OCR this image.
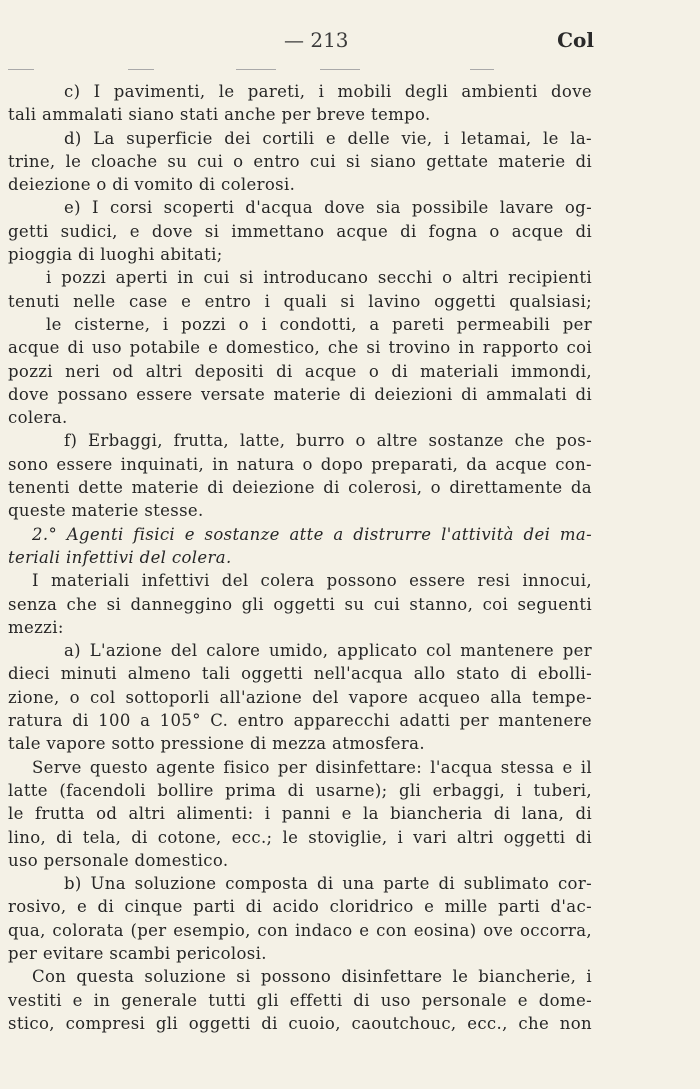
— 213	Col
c) I pavimenti, le pareti, i mobili degli ambienti dove
tali ammalati siano stati anche per breve tempo.
d) La superficie dei cortili e delle vie, i letamai, le la-
trine, le cloache su cui o entro cui si siano gettate materie di
deiezione o di vomito di colerosi.
e) I corsi scoperti d'acqua dove sia possibile lavare og-
getti sudici, e dove si immettano acque di fogna o acque di
pioggia di luoghi abitati;
i pozzi aperti in cui si introducano secchi o altri recipienti
tenuti nelle case e entro i quali si lavino oggetti qualsiasi;
le cisterne, i pozzi o i condotti, a pareti permeabili per
acque di uso potabile e domestico, che si trovino in rapporto coi
pozzi neri od altri depositi di acque o di materiali immondi,
dove possano essere versate materie di deiezioni di ammalati di
colera.
f) Erbaggi, frutta, latte, burro o altre sostanze che pos-
sono essere inquinati, in natura o dopo preparati, da acque con-
tenenti dette materie di deiezione di colerosi, o direttamente da
queste materie stesse.
2.° Agenti fisici e sostanze atte a distrurre l'attività dei ma-
teriali infettivi del colera.
I materiali infettivi del colera possono essere resi innocui,
senza che si danneggino gli oggetti su cui stanno, coi seguenti
mezzi:
a) L'azione del calore umido, applicato col mantenere per
dieci minuti almeno tali oggetti nell'acqua allo stato di ebolli-
zione, o col sottoporli all'azione del vapore acqueo alla tempe-
ratura di 100 a 105° C. entro apparecchi adatti per mantenere
tale vapore sotto pressione di mezza atmosfera.
Serve questo agente fisico per disinfettare: l'acqua stessa e il
latte (facendoli bollire prima di usarne); gli erbaggi, i tuberi,
le frutta od altri alimenti: i panni e la biancheria di lana, di
lino, di tela, di cotone, ecc.; le stoviglie, i vari altri oggetti di
uso personale domestico.
b) Una soluzione composta di una parte di sublimato cor-
rosivo, e di cinque parti di acido cloridrico e mille parti d'ac-
qua, colorata (per esempio, con indaco e con eosina) ove occorra,
per evitare scambi pericolosi.
Con questa soluzione si possono disinfettare le biancherie, i
vestiti e in generale tutti gli effetti di uso personale e dome-
stico, compresi gli oggetti di cuoio, caoutchouc, ecc., che non
